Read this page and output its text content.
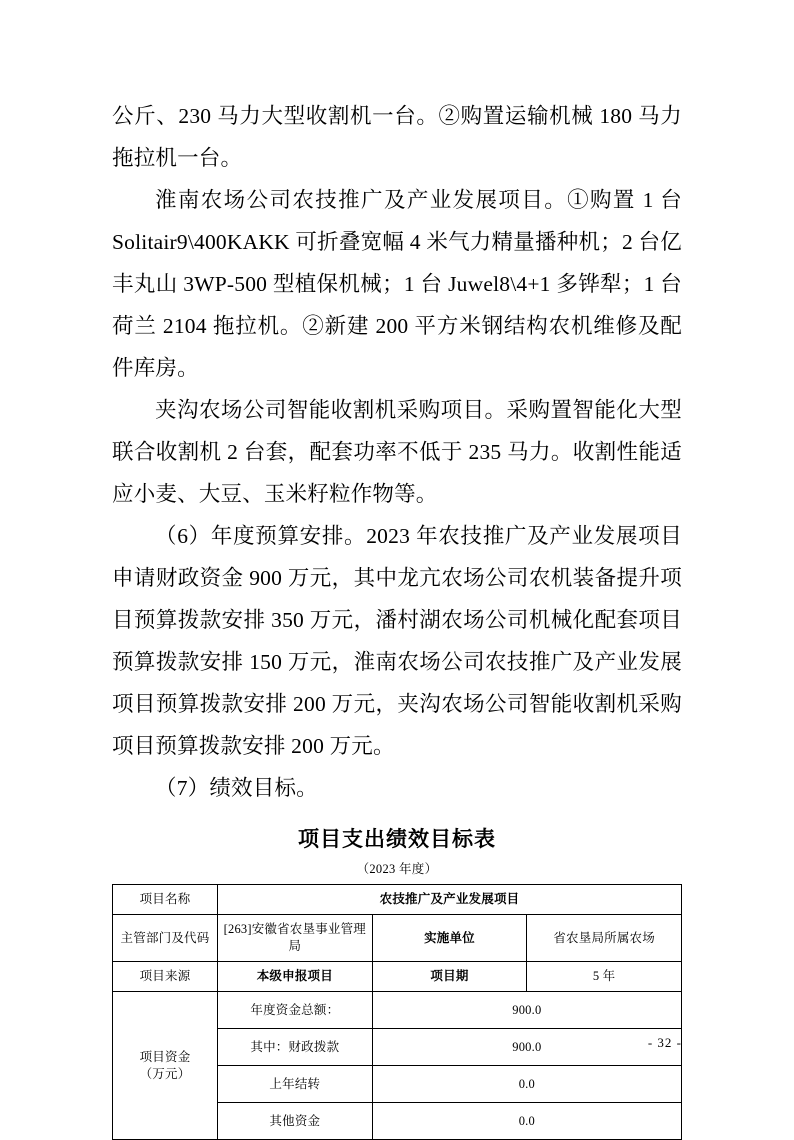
公斤、230 马力大型收割机一台。②购置运输机械 180 马力拖拉机一台。

淮南农场公司农技推广及产业发展项目。①购置 1 台 Solitair9\400KAKK 可折叠宽幅 4 米气力精量播种机；2 台亿丰丸山 3WP-500 型植保机械；1 台 Juwel8\4+1 多铧犁；1 台荷兰 2104 拖拉机。②新建 200 平方米钢结构农机维修及配件库房。

夹沟农场公司智能收割机采购项目。采购置智能化大型联合收割机 2 台套，配套功率不低于 235 马力。收割性能适应小麦、大豆、玉米籽粒作物等。

（6）年度预算安排。2023 年农技推广及产业发展项目申请财政资金 900 万元，其中龙亢农场公司农机装备提升项目预算拨款安排 350 万元，潘村湖农场公司机械化配套项目预算拨款安排 150 万元，淮南农场公司农技推广及产业发展项目预算拨款安排 200 万元，夹沟农场公司智能收割机采购项目预算拨款安排 200 万元。

（7）绩效目标。

项目支出绩效目标表
（2023 年度）
项目名称	农技推广及产业发展项目		
主管部门及代码	[263]安徽省农垦事业管理局	实施单位	省农垦局所属农场
项目来源	本级申报项目	项目期	5 年

项目资金
（万元）	年度资金总额：	900.0	
	其中：财政拨款	900.0	
	上年结转	0.0	
	其他资金	0.0	
- 32 -
